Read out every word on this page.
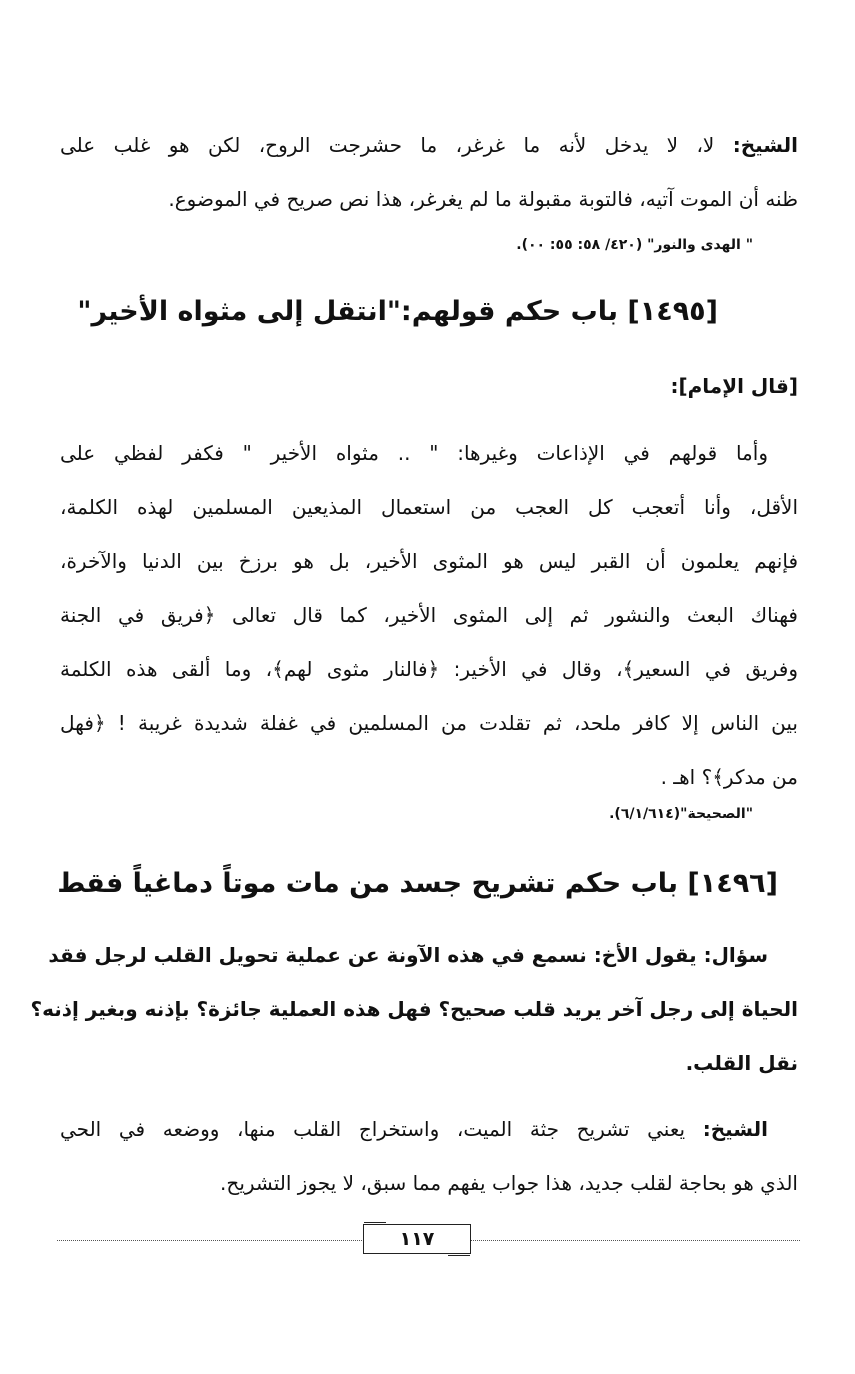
الشيخ: لا، لا يدخل لأنه ما غرغر، ما حشرجت الروح، لكن هو غلب على
ظنه أن الموت آتيه، فالتوبة مقبولة ما لم يغرغر، هذا نص صريح في الموضوع.
" الهدى والنور" (٤٢٠/ ٥٨: ٥٥: ٠٠).
[١٤٩٥] باب حكم قولهم:"انتقل إلى مثواه الأخير"
[قال الإمام]:
وأما قولهم في الإذاعات وغيرها: " .. مثواه الأخير " فكفر لفظي على
الأقل، وأنا أتعجب كل العجب من استعمال المذيعين المسلمين لهذه الكلمة،
فإنهم يعلمون أن القبر ليس هو المثوى الأخير، بل هو برزخ بين الدنيا والآخرة،
فهناك البعث والنشور ثم إلى المثوى الأخير، كما قال تعالى ﴿فريق في الجنة
وفريق في السعير﴾، وقال في الأخير: ﴿فالنار مثوى لهم﴾، وما ألقى هذه الكلمة
بين الناس إلا كافر ملحد، ثم تقلدت من المسلمين في غفلة شديدة غريبة ! ﴿فهل
من مدكر﴾؟ اهـ .
"الصحيحة"(٦/١/٦١٤).
[١٤٩٦] باب حكم تشريح جسد من مات موتاً دماغياً فقط
سؤال: يقول الأخ: نسمع في هذه الآونة عن عملية تحويل القلب لرجل فقد
الحياة إلى رجل آخر يريد قلب صحيح؟ فهل هذه العملية جائزة؟ بإذنه وبغير إذنه؟
نقل القلب.
الشيخ: يعني تشريح جثة الميت، واستخراج القلب منها، ووضعه في الحي
الذي هو بحاجة لقلب جديد، هذا جواب يفهم مما سبق، لا يجوز التشريح.
١١٧
